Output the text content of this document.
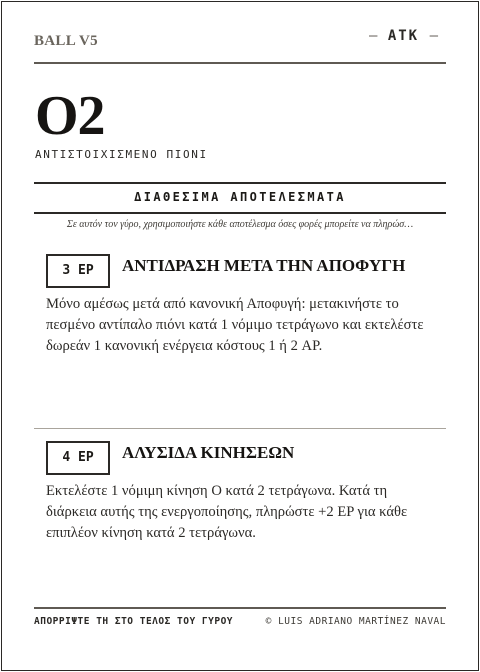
BALL V5	— ATK —
O2
ΑΝΤΙΣΤΟΙΧΙΣΜΕΝΟ ΠΙΟΝΙ
ΔΙΑΘΕΣΙΜΑ ΑΠΟΤΕΛΕΣΜΑΤΑ
Σε αυτόν τον γύρο, χρησιμοποιήστε κάθε αποτέλεσμα όσες φορές μπορείτε να πληρώσ…
3 EP	ΑΝΤΙΔΡΑΣΗ ΜΕΤΑ ΤΗΝ ΑΠΟΦΥΓΗ
Μόνο αμέσως μετά από κανονική Αποφυγή: μετακινήστε το πεσμένο αντίπαλο πιόνι κατά 1 νόμιμο τετράγωνο και εκτελέστε δωρεάν 1 κανονική ενέργεια κόστους 1 ή 2 AP.
4 EP	ΑΛΥΣΙΔΑ ΚΙΝΗΣΕΩΝ
Εκτελέστε 1 νόμιμη κίνηση Ο κατά 2 τετράγωνα. Κατά τη διάρκεια αυτής της ενεργοποίησης, πληρώστε +2 EP για κάθε επιπλέον κίνηση κατά 2 τετράγωνα.
ΑΠΟΡΡΙΨΤΕ ΤΗ ΣΤΟ ΤΕΛΟΣ ΤΟΥ ΓΥΡΟΥ	© LUIS ADRIANO MARTÍNEZ NAVAL
